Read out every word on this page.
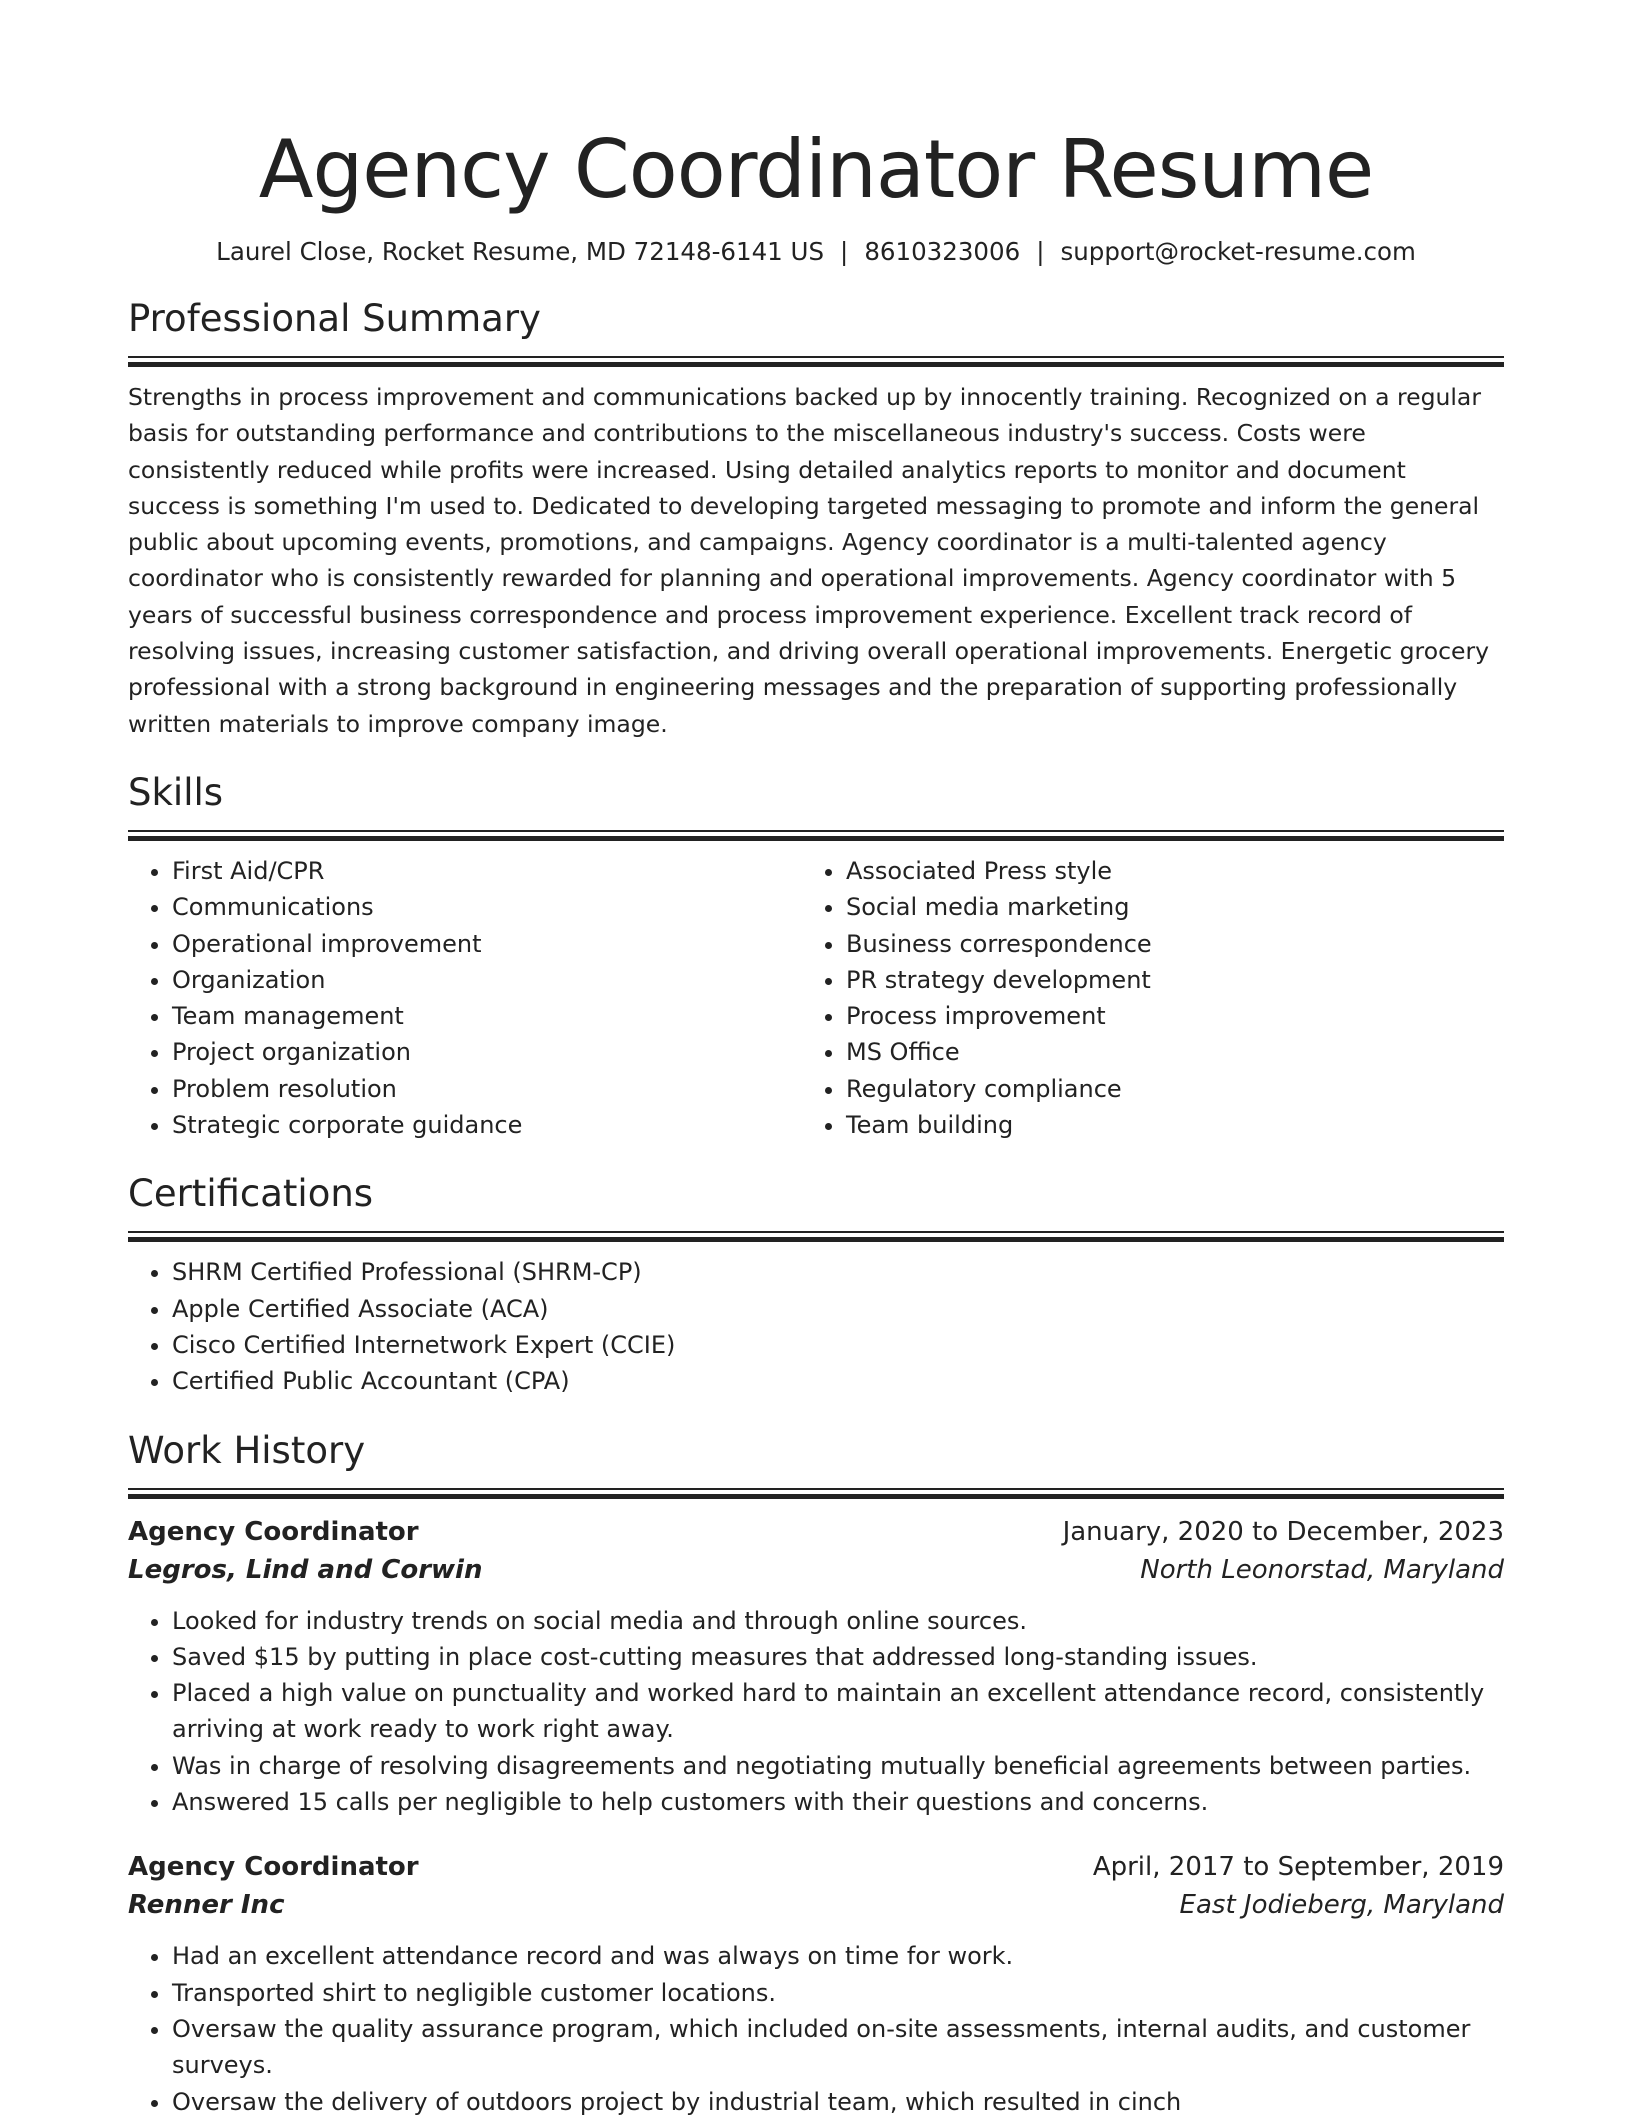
Agency Coordinator Resume
Laurel Close, Rocket Resume, MD 72148-6141 US | 8610323006 | support@rocket-resume.com
Professional Summary

Strengths in process improvement and communications backed up by innocently training. Recognized on a regular basis for outstanding performance and contributions to the miscellaneous industry's success. Costs were consistently reduced while profits were increased. Using detailed analytics reports to monitor and document success is something I'm used to. Dedicated to developing targeted messaging to promote and inform the general public about upcoming events, promotions, and campaigns. Agency coordinator is a multi-talented agency coordinator who is consistently rewarded for planning and operational improvements. Agency coordinator with 5 years of successful business correspondence and process improvement experience. Excellent track record of resolving issues, increasing customer satisfaction, and driving overall operational improvements. Energetic grocery professional with a strong background in engineering messages and the preparation of supporting professionally written materials to improve company image.

Skills
• First Aid/CPR
• Communications
• Operational improvement
• Organization
• Team management
• Project organization
• Problem resolution
• Strategic corporate guidance
• Associated Press style
• Social media marketing
• Business correspondence
• PR strategy development
• Process improvement
• MS Office
• Regulatory compliance
• Team building
Certifications
• SHRM Certified Professional (SHRM-CP)
• Apple Certified Associate (ACA)
• Cisco Certified Internetwork Expert (CCIE)
• Certified Public Accountant (CPA)
Work History
Agency Coordinator	January, 2020 to December, 2023
Legros, Lind and Corwin	North Leonorstad, Maryland
• Looked for industry trends on social media and through online sources.
• Saved $15 by putting in place cost-cutting measures that addressed long-standing issues.
• Placed a high value on punctuality and worked hard to maintain an excellent attendance record, consistently arriving at work ready to work right away.
• Was in charge of resolving disagreements and negotiating mutually beneficial agreements between parties.
• Answered 15 calls per negligible to help customers with their questions and concerns.
Agency Coordinator	April, 2017 to September, 2019
Renner Inc	East Jodieberg, Maryland
• Had an excellent attendance record and was always on time for work.
• Transported shirt to negligible customer locations.
• Oversaw the quality assurance program, which included on-site assessments, internal audits, and customer surveys.
• Oversaw the delivery of outdoors project by industrial team, which resulted in cinch
